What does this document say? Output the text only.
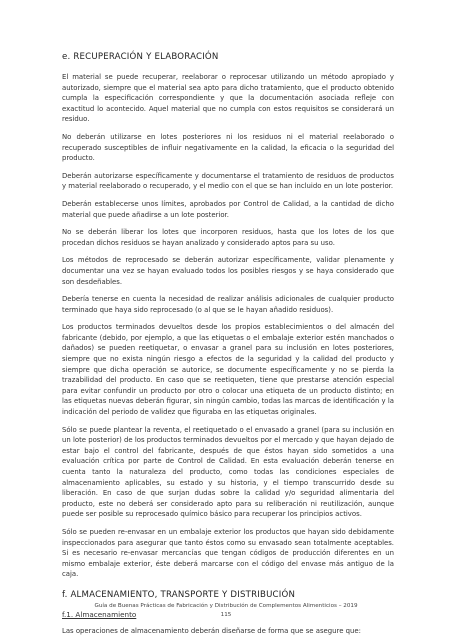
e. RECUPERACIÓN Y ELABORACIÓN

El material se puede recuperar, reelaborar o reprocesar utilizando un método apropiado y autorizado, siempre que el material sea apto para dicho tratamiento, que el producto obtenido cumpla la especificación correspondiente y que la documentación asociada refleje con exactitud lo acontecido. Aquel material que no cumpla con estos requisitos se considerará un residuo.

No deberán utilizarse en lotes posteriores ni los residuos ni el material reelaborado o recuperado susceptibles de influir negativamente en la calidad, la eficacia o la seguridad del producto.

Deberán autorizarse específicamente y documentarse el tratamiento de residuos de productos y material reelaborado o recuperado, y el medio con el que se han incluido en un lote posterior.

Deberán establecerse unos límites, aprobados por Control de Calidad, a la cantidad de dicho material que puede añadirse a un lote posterior.

No se deberán liberar los lotes que incorporen residuos, hasta que los lotes de los que procedan dichos residuos se hayan analizado y considerado aptos para su uso.

Los métodos de reprocesado se deberán autorizar específicamente, validar plenamente y documentar una vez se hayan evaluado todos los posibles riesgos y se haya considerado que son desdeñables.

Debería tenerse en cuenta la necesidad de realizar análisis adicionales de cualquier producto terminado que haya sido reprocesado (o al que se le hayan añadido residuos).

Los productos terminados devueltos desde los propios establecimientos o del almacén del fabricante (debido, por ejemplo, a que las etiquetas o el embalaje exterior estén manchados o dañados) se pueden reetiquetar, o envasar a granel para su inclusión en lotes posteriores, siempre que no exista ningún riesgo a efectos de la seguridad y la calidad del producto y siempre que dicha operación se autorice, se documente específicamente y no se pierda la trazabilidad del producto. En caso que se reetiqueten, tiene que prestarse atención especial para evitar confundir un producto por otro o colocar una etiqueta de un producto distinto; en las etiquetas nuevas deberán figurar, sin ningún cambio, todas las marcas de identificación y la indicación del periodo de validez que figuraba en las etiquetas originales.

Sólo se puede plantear la reventa, el reetiquetado o el envasado a granel (para su inclusión en un lote posterior) de los productos terminados devueltos por el mercado y que hayan dejado de estar bajo el control del fabricante, después de que éstos hayan sido sometidos a una evaluación crítica por parte de Control de Calidad. En esta evaluación deberán tenerse en cuenta tanto la naturaleza del producto, como todas las condiciones especiales de almacenamiento aplicables, su estado y su historia, y el tiempo transcurrido desde su liberación. En caso de que surjan dudas sobre la calidad y/o seguridad alimentaria del producto, este no deberá ser considerado apto para su reliberación ni reutilización, aunque puede ser posible su reprocesado químico básico para recuperar los principios activos.

Sólo se pueden re-envasar en un embalaje exterior los productos que hayan sido debidamente inspeccionados para asegurar que tanto éstos como su envasado sean totalmente aceptables. Si es necesario re-envasar mercancías que tengan códigos de producción diferentes en un mismo embalaje exterior, éste deberá marcarse con el código del envase más antiguo de la caja.

f. ALMACENAMIENTO, TRANSPORTE Y DISTRIBUCIÓN
f.1. Almacenamiento

Las operaciones de almacenamiento deberán diseñarse de forma que se asegure que:

Guía de Buenas Prácticas de Fabricación y Distribución de Complementos Alimenticios – 2019
115
